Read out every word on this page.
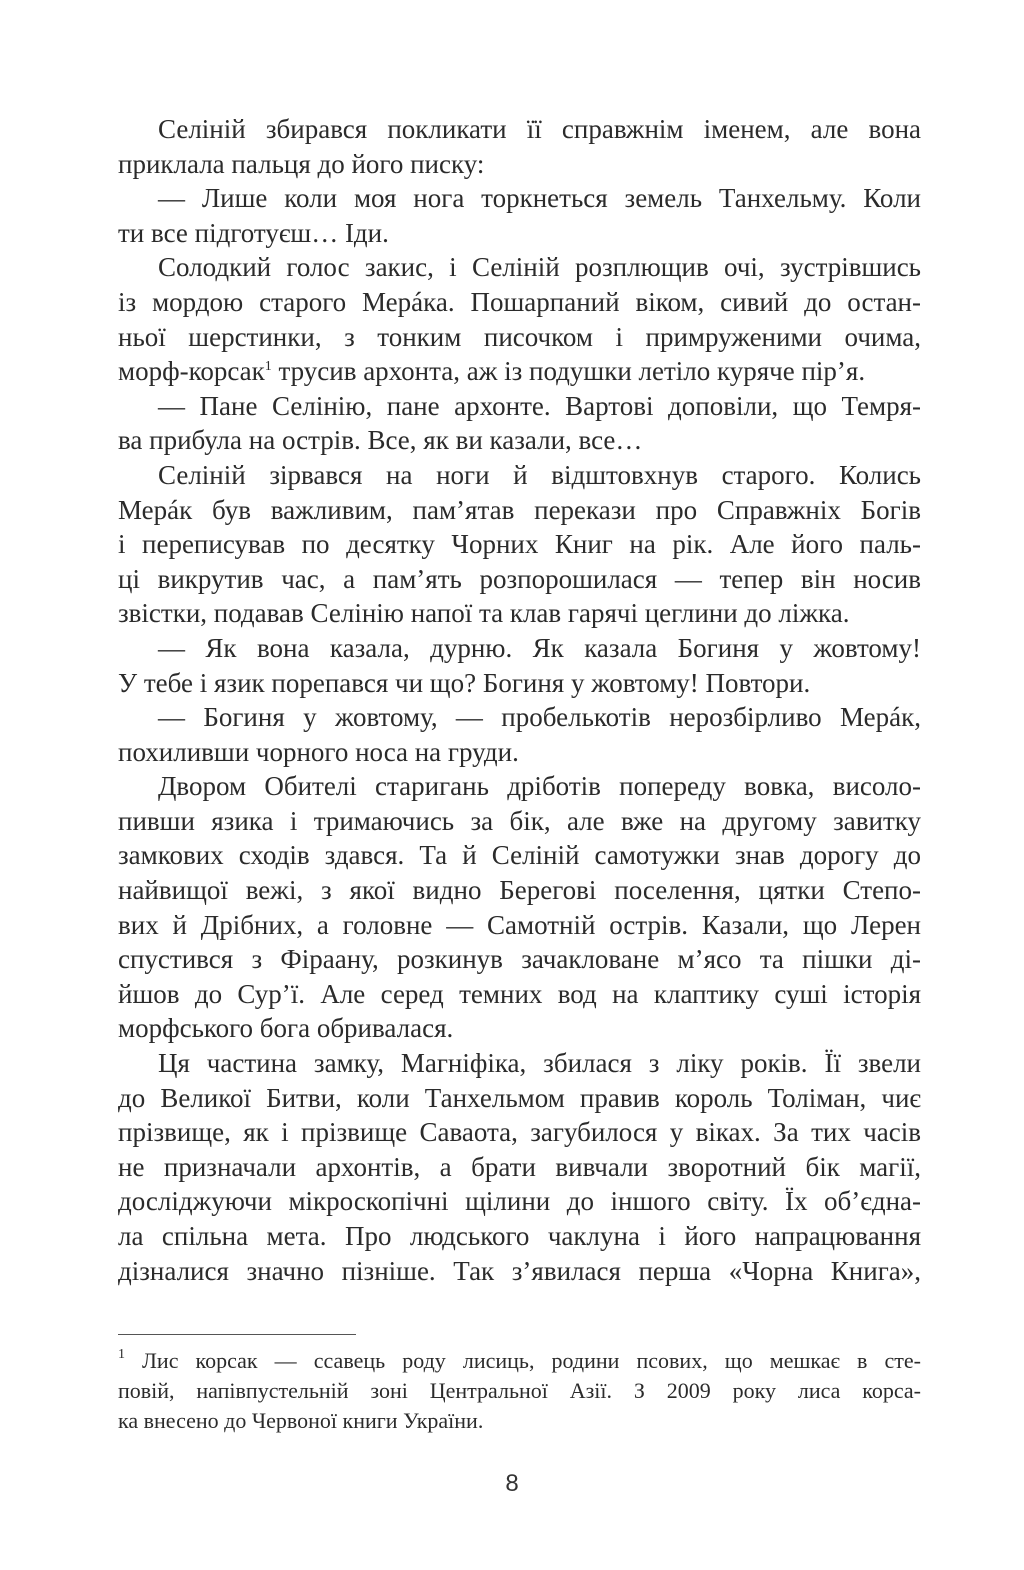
Селіній збирався покликати її справжнім іменем, але вона
приклала пальця до його писку:
— Лише коли моя нога торкнеться земель Танхельму. Коли
ти все підготуєш… Іди.
Солодкий голос закис, і Селіній розплющив очі, зустрівшись
із мордою старого Мерáка. Пошарпаний віком, сивий до остан-
ньої шерстинки, з тонким писочком і примруженими очима,
морф-корсак$^1$ трусив архонта, аж із подушки летіло куряче пір’я.
— Пане Селінію, пане архонте. Вартові доповіли, що Темря-
ва прибула на острів. Все, як ви казали, все…
Селіній зірвався на ноги й відштовхнув старого. Колись
Мерáк був важливим, пам’ятав перекази про Справжніх Богів
і переписував по десятку Чорних Книг на рік. Але його паль-
ці викрутив час, а пам’ять розпорошилася — тепер він носив
звістки, подавав Селінію напої та клав гарячі цеглини до ліжка.
— Як вона казала, дурню. Як казала Богиня у жовтому!
У тебе і язик порепався чи що? Богиня у жовтому! Повтори.
— Богиня у жовтому, — пробелькотів нерозбірливо Мерáк,
похиливши чорного носа на груди.
Двором Обителі старигань дріботів попереду вовка, висоло-
пивши язика і тримаючись за бік, але вже на другому завитку
замкових сходів здався. Та й Селіній самотужки знав дорогу до
найвищої вежі, з якої видно Берегові поселення, цятки Степо-
вих й Дрібних, а головне — Самотній острів. Казали, що Лерен
спустився з Фіраану, розкинув зачакловане м’ясо та пішки ді-
йшов до Сур’ї. Але серед темних вод на клаптику суші історія
морфського бога обривалася.
Ця частина замку, Магніфіка, збилася з ліку років. Її звели
до Великої Битви, коли Танхельмом правив король Толіман, чиє
прізвище, як і прізвище Саваота, загубилося у віках. За тих часів
не призначали архонтів, а брати вивчали зворотний бік магії,
досліджуючи мікроскопічні щілини до іншого світу. Їх об’єдна-
ла спільна мета. Про людського чаклуна і його напрацювання
дізналися значно пізніше. Так з’явилася перша «Чорна Книга»,
1 Лис корсак — ссавець роду лисиць, родини псових, що мешкає в сте-
повій, напівпустельній зоні Центральної Азії. З 2009 року лиса корса-
ка внесено до Червоної книги України.
8
